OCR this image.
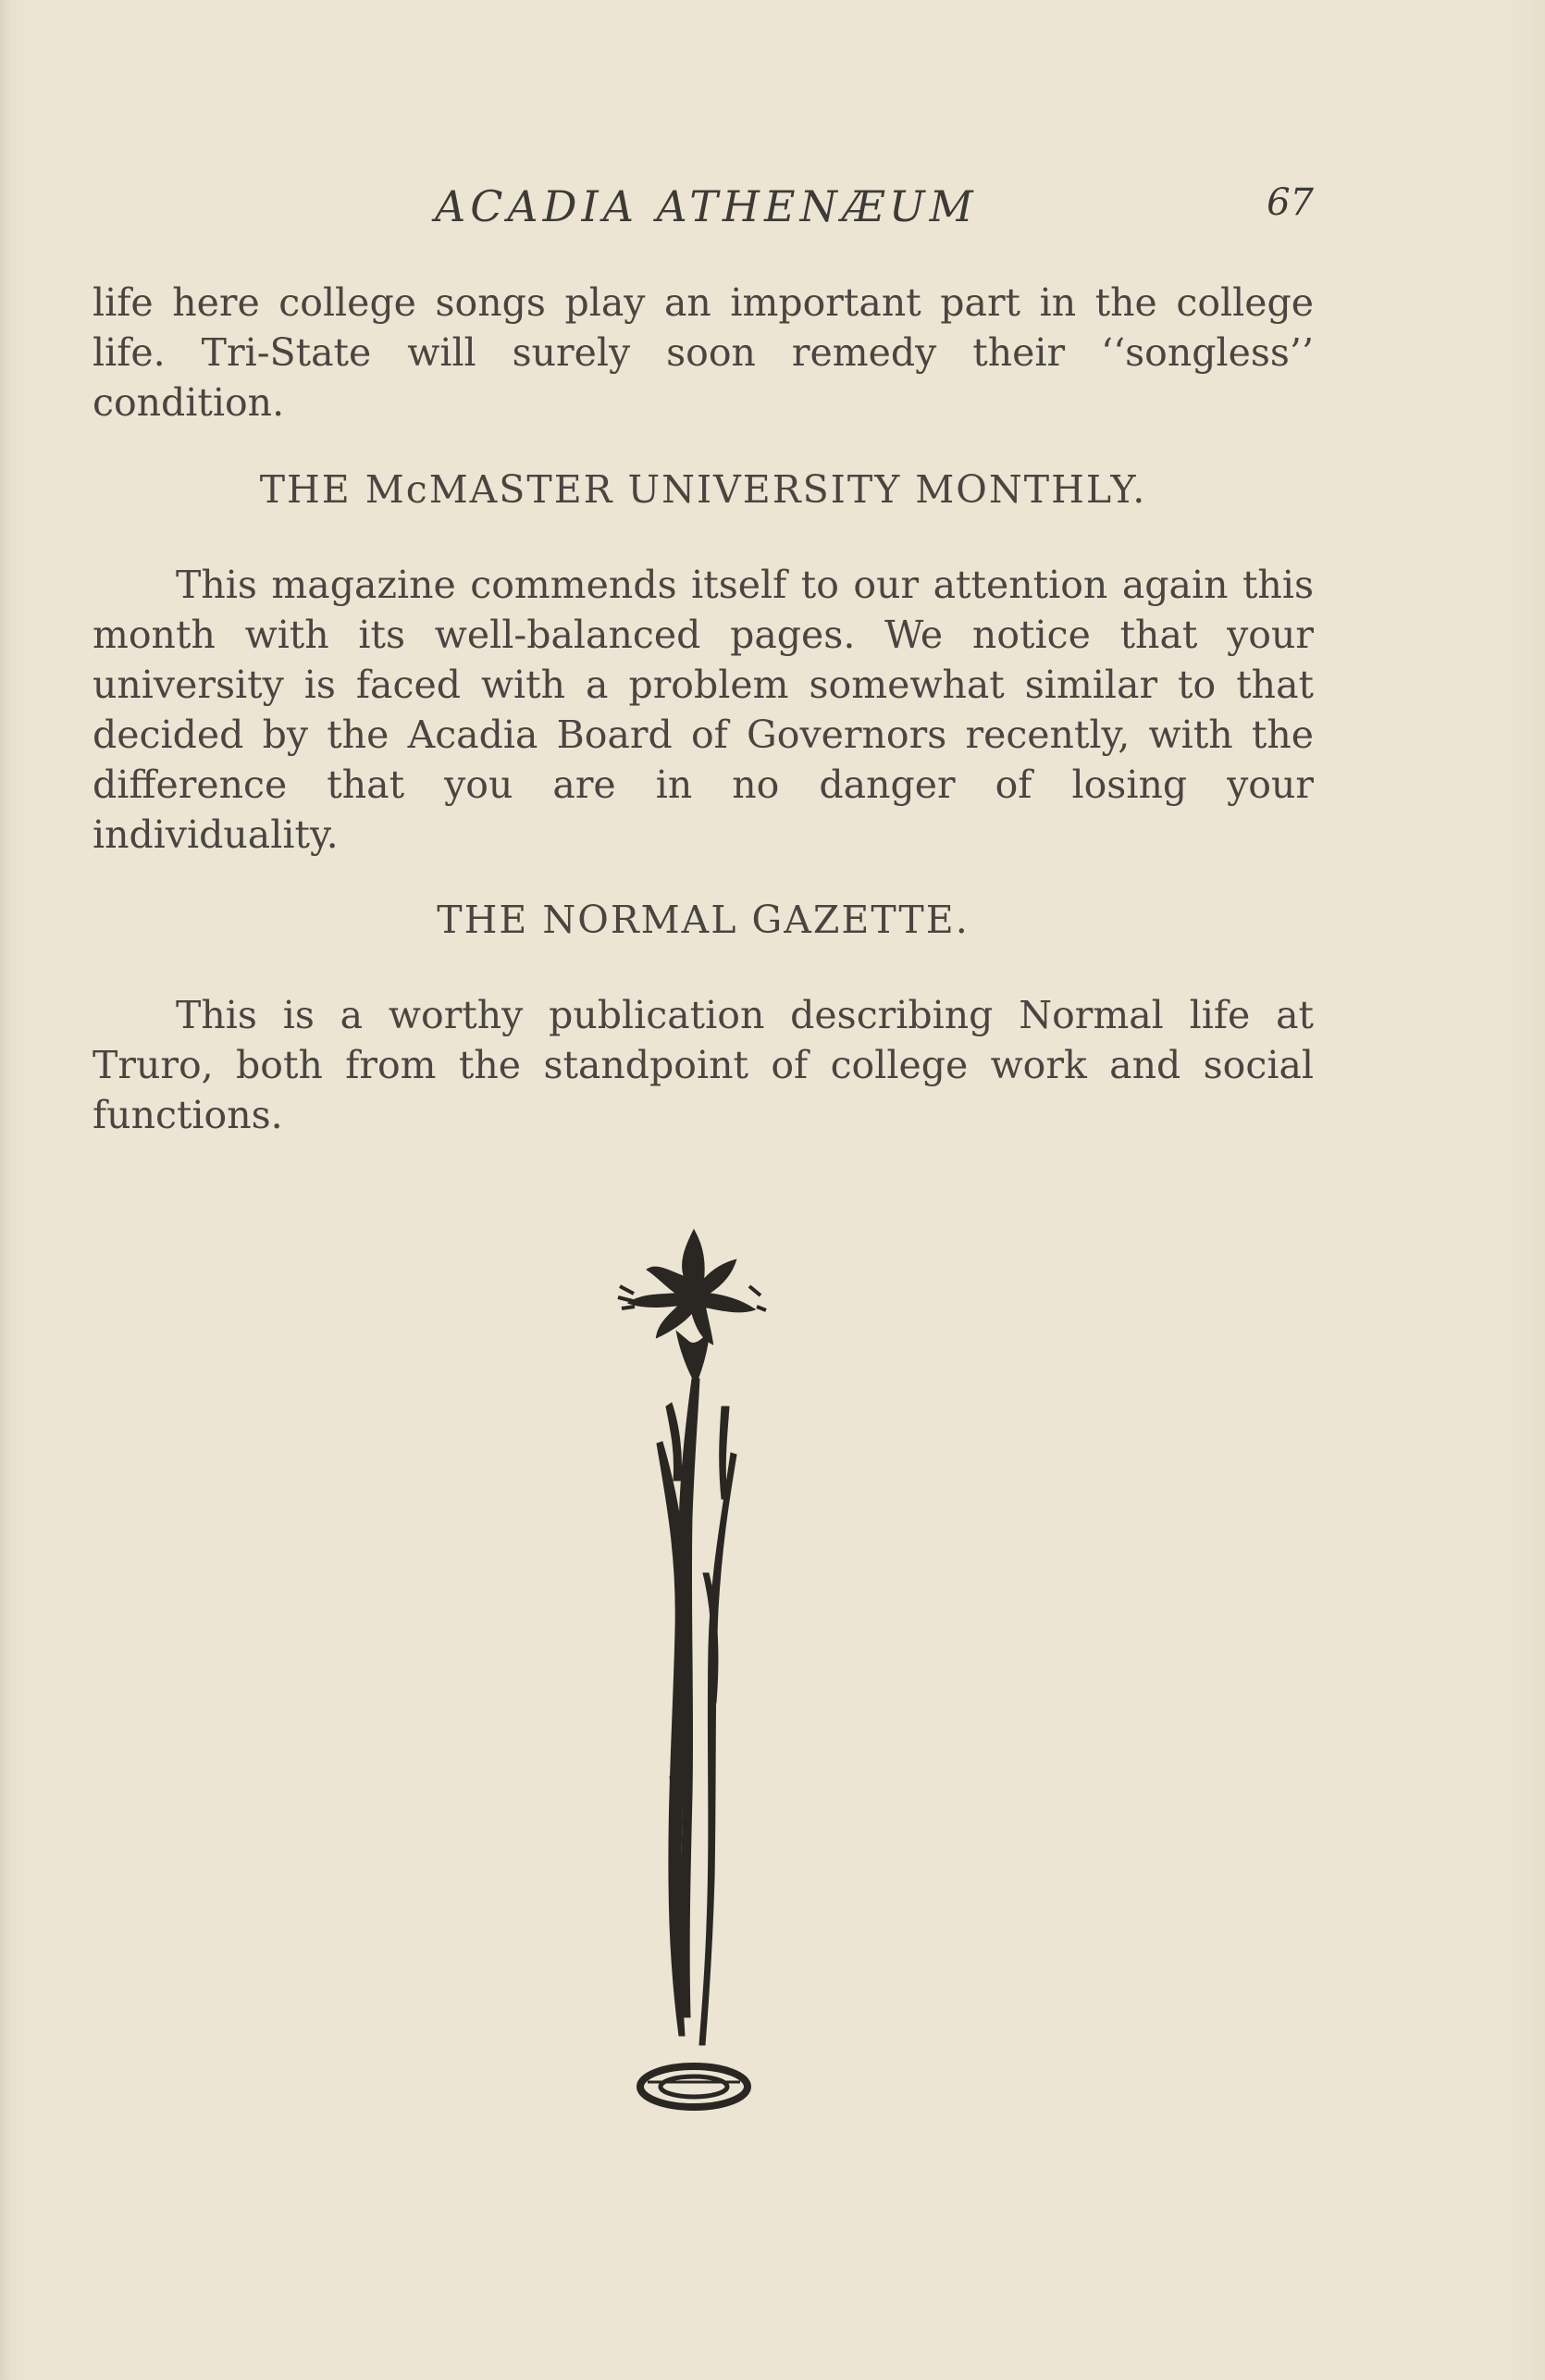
ACADIA ATHENÆUM	67

life here college songs play an important part in the college life. Tri-State will surely soon remedy their ‘‘songless’’ condition.

THE McMASTER UNIVERSITY MONTHLY.

This magazine commends itself to our attention again this month with its well-balanced pages. We notice that your university is faced with a problem somewhat similar to that decided by the Acadia Board of Governors recently, with the difference that you are in no danger of losing your individuality.

THE NORMAL GAZETTE.

This is a worthy publication describing Normal life at Truro, both from the standpoint of college work and social functions.
